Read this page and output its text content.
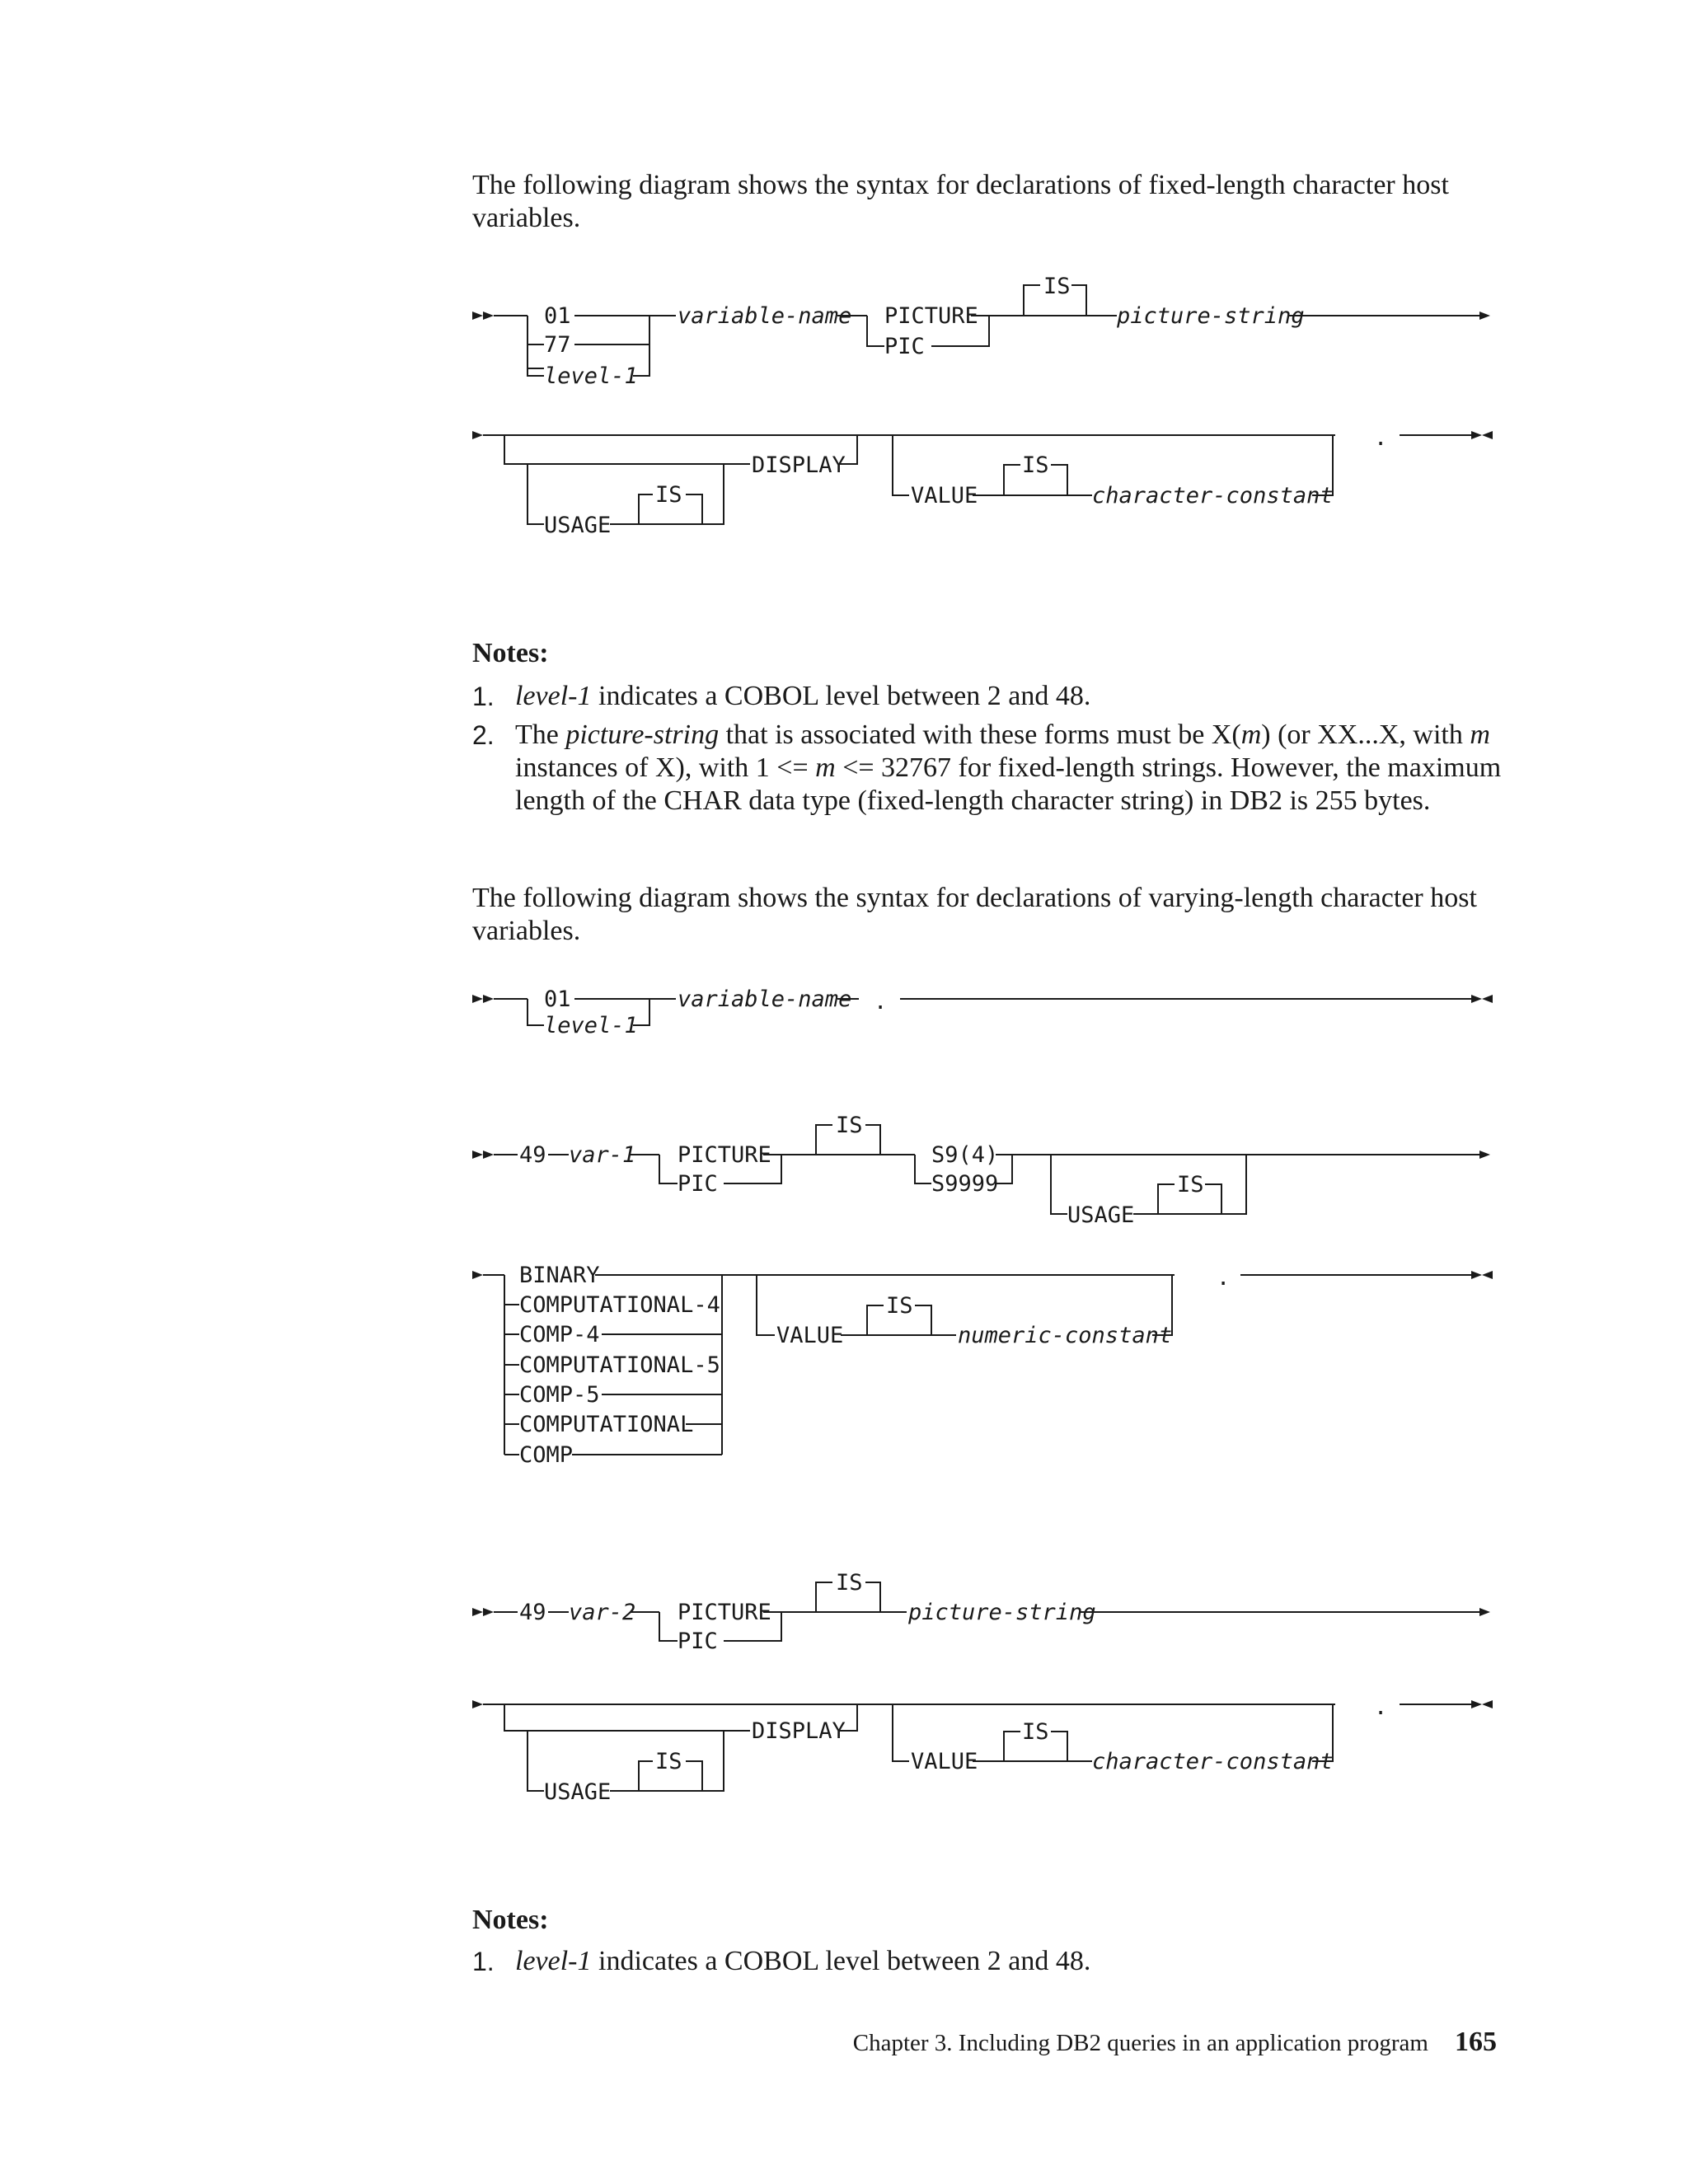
The following diagram shows the syntax for declarations of fixed-length character host variables.

01
77
level-1
variable-name PICTURE
PIC
IS
picture-string
DISPLAY
USAGE
IS	VALUE
IS
character-constant
.
01
level-1
variable-name .
49 var-1 PICTURE
PIC
IS
S9(4)
S9999
USAGE
IS
BINARY
COMPUTATIONAL-4
COMP-4
COMPUTATIONAL-5
COMP-5
COMPUTATIONAL
COMP
VALUE
IS
numeric-constant
.
49 var-2 PICTURE
PIC
IS
picture-string
DISPLAY
USAGE
IS	VALUE
IS
character-constant
.

Notes:

1. level-1 indicates a COBOL level between 2 and 48.
2. The picture-string that is associated with these forms must be X(m) (or XX...X, with m instances of X), with 1 <= m <= 32767 for fixed-length strings. However, the maximum length of the CHAR data type (fixed-length character string) in DB2 is 255 bytes.

The following diagram shows the syntax for declarations of varying-length character host variables.

Notes:

1. level-1 indicates a COBOL level between 2 and 48.
Chapter 3. Including DB2 queries in an application program 165
